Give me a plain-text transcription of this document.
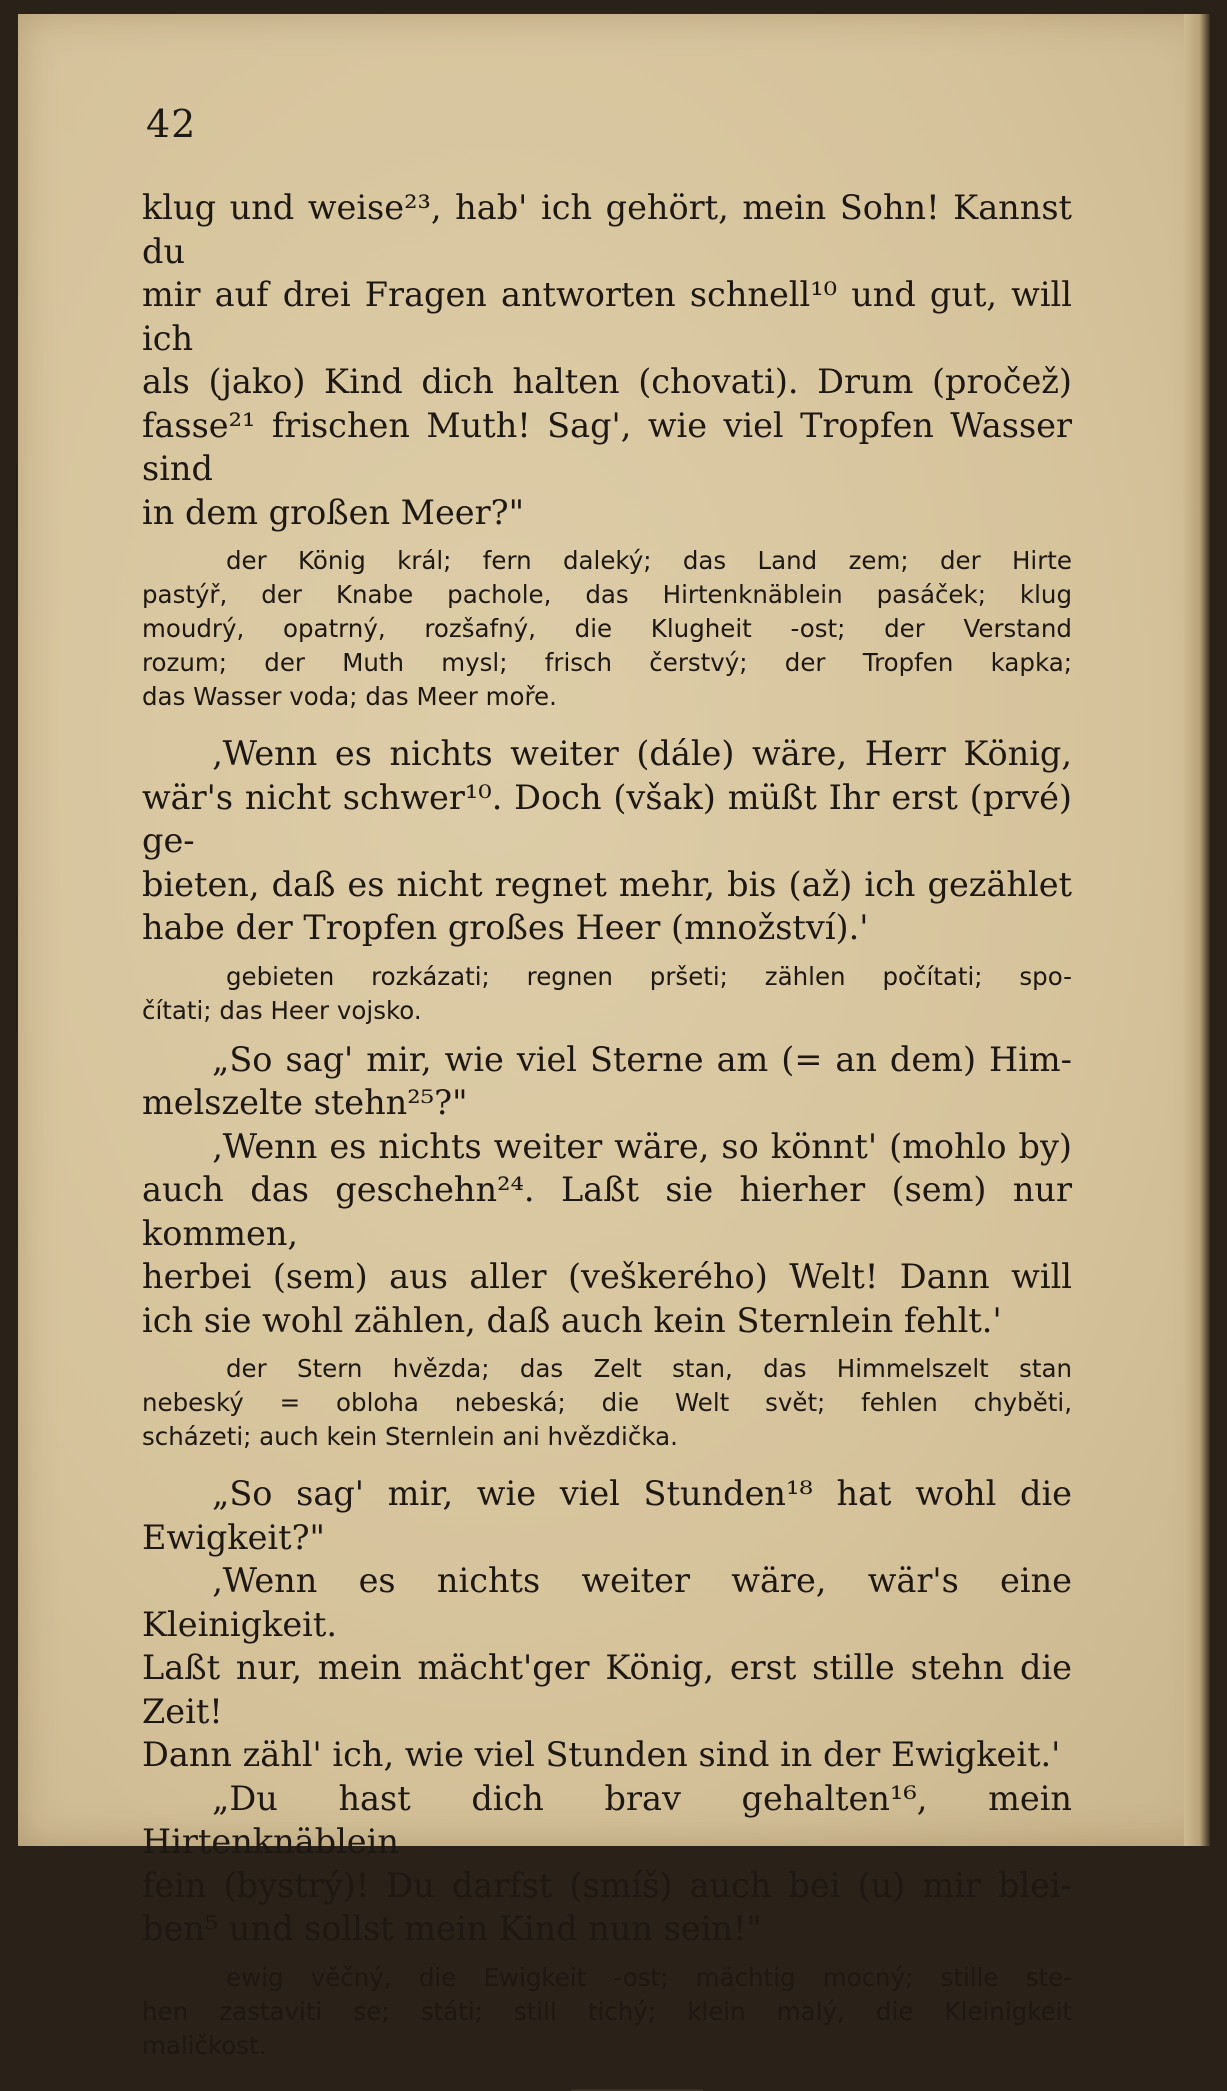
42

klug und weise²³, hab' ich gehört, mein Sohn! Kannst du

mir auf drei Fragen antworten schnell¹⁰ und gut, will ich

als (jako) Kind dich halten (chovati). Drum (pročež)

fasse²¹ frischen Muth! Sag', wie viel Tropfen Wasser sind

in dem großen Meer?"

der König král; fern daleký; das Land zem; der Hirte

pastýř, der Knabe pachole, das Hirtenknäblein pasáček; klug

moudrý, opatrný, rozšafný, die Klugheit -ost; der Verstand

rozum; der Muth mysl; frisch čerstvý; der Tropfen kapka;

das Wasser voda; das Meer moře.

‚Wenn es nichts weiter (dále) wäre, Herr König,

wär's nicht schwer¹⁰. Doch (však) müßt Ihr erst (prvé) ge-

bieten, daß es nicht regnet mehr, bis (až) ich gezählet

habe der Tropfen großes Heer (množství).'

gebieten rozkázati; regnen pršeti; zählen počítati; spo-

čítati; das Heer vojsko.

„So sag' mir, wie viel Sterne am (= an dem) Him-

melszelte stehn²⁵?"

‚Wenn es nichts weiter wäre, so könnt' (mohlo by)

auch das geschehn²⁴. Laßt sie hierher (sem) nur kommen,

herbei (sem) aus aller (veškerého) Welt! Dann will

ich sie wohl zählen, daß auch kein Sternlein fehlt.'

der Stern hvězda; das Zelt stan, das Himmelszelt stan

nebeský = obloha nebeská; die Welt svět; fehlen chyběti,

scházeti; auch kein Sternlein ani hvězdička.

„So sag' mir, wie viel Stunden¹⁸ hat wohl die

Ewigkeit?"

‚Wenn es nichts weiter wäre, wär's eine Kleinigkeit.

Laßt nur, mein mächt'ger König, erst stille stehn die Zeit!

Dann zähl' ich, wie viel Stunden sind in der Ewigkeit.'

„Du hast dich brav gehalten¹⁶, mein Hirtenknäblein

fein (bystrý)! Du darfst (smíš) auch bei (u) mir blei-

ben⁵ und sollst mein Kind nun sein!"

ewig věčný, die Ewigkeit -ost; mächtig mocný; stille ste-

hen zastaviti se; státi; still tichý; klein malý, die Kleinigkeit

maličkost.
